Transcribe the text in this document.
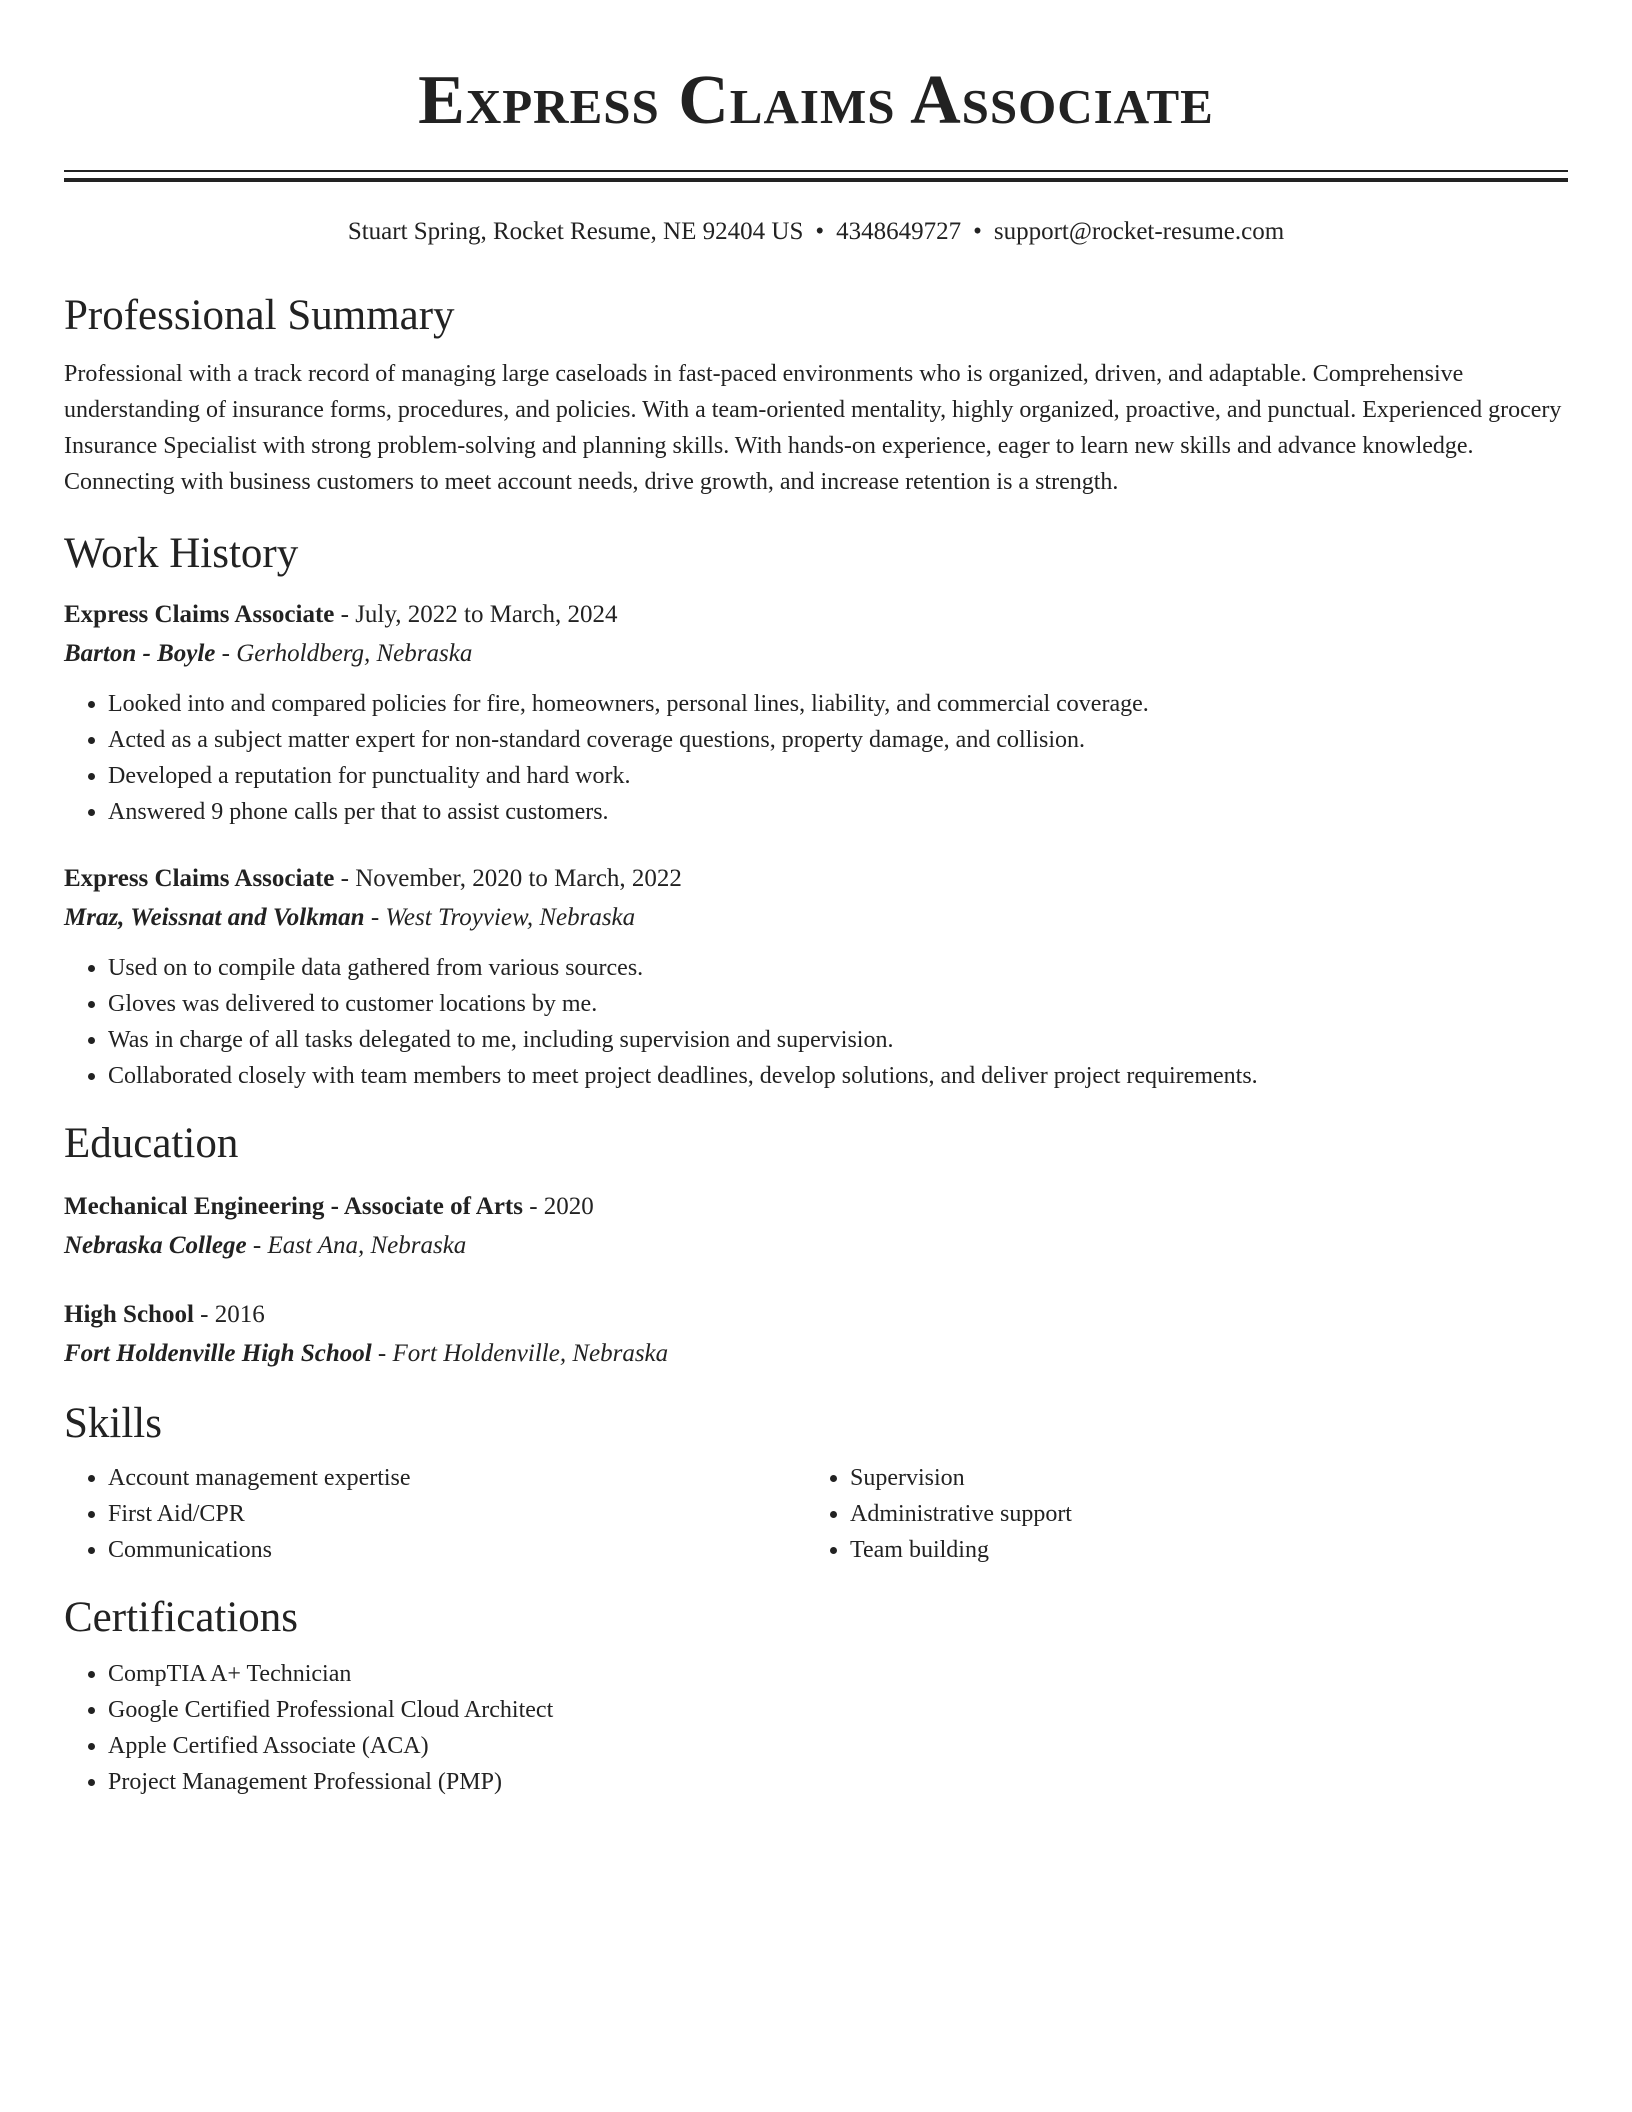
Express Claims Associate
Stuart Spring, Rocket Resume, NE 92404 US • 4348649727 • support@rocket-resume.com
Professional Summary

Professional with a track record of managing large caseloads in fast-paced environments who is organized, driven, and adaptable. Comprehensive understanding of insurance forms, procedures, and policies. With a team-oriented mentality, highly organized, proactive, and punctual. Experienced grocery Insurance Specialist with strong problem-solving and planning skills. With hands-on experience, eager to learn new skills and advance knowledge. Connecting with business customers to meet account needs, drive growth, and increase retention is a strength.

Work History
Express Claims Associate - July, 2022 to March, 2024
Barton - Boyle - Gerholdberg, Nebraska
• Looked into and compared policies for fire, homeowners, personal lines, liability, and commercial coverage.
• Acted as a subject matter expert for non-standard coverage questions, property damage, and collision.
• Developed a reputation for punctuality and hard work.
• Answered 9 phone calls per that to assist customers.
Express Claims Associate - November, 2020 to March, 2022
Mraz, Weissnat and Volkman - West Troyview, Nebraska
• Used on to compile data gathered from various sources.
• Gloves was delivered to customer locations by me.
• Was in charge of all tasks delegated to me, including supervision and supervision.
• Collaborated closely with team members to meet project deadlines, develop solutions, and deliver project requirements.
Education
Mechanical Engineering - Associate of Arts - 2020
Nebraska College - East Ana, Nebraska
High School - 2016
Fort Holdenville High School - Fort Holdenville, Nebraska
Skills
• Account management expertise
• First Aid/CPR
• Communications
• Supervision
• Administrative support
• Team building
Certifications
• CompTIA A+ Technician
• Google Certified Professional Cloud Architect
• Apple Certified Associate (ACA)
• Project Management Professional (PMP)
